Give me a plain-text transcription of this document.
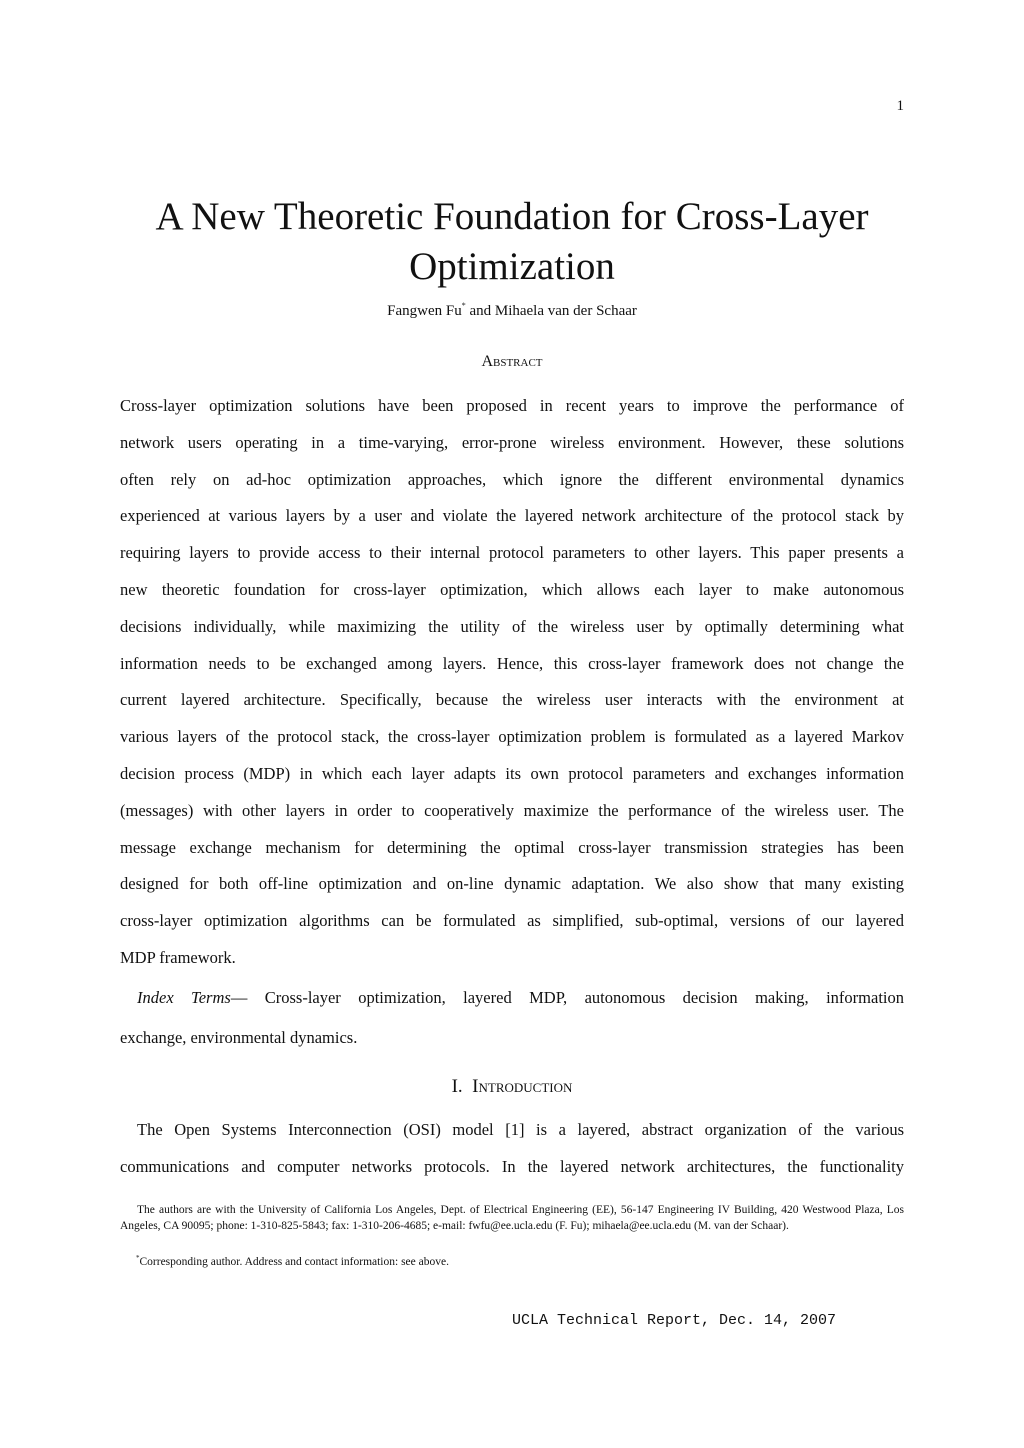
1
A New Theoretic Foundation for Cross-Layer Optimization
Fangwen Fu* and Mihaela van der Schaar
Abstract
Cross-layer optimization solutions have been proposed in recent years to improve the performance of
network users operating in a time-varying, error-prone wireless environment. However, these solutions
often rely on ad-hoc optimization approaches, which ignore the different environmental dynamics
experienced at various layers by a user and violate the layered network architecture of the protocol stack by
requiring layers to provide access to their internal protocol parameters to other layers. This paper presents a
new theoretic foundation for cross-layer optimization, which allows each layer to make autonomous
decisions individually, while maximizing the utility of the wireless user by optimally determining what
information needs to be exchanged among layers. Hence, this cross-layer framework does not change the
current layered architecture. Specifically, because the wireless user interacts with the environment at
various layers of the protocol stack, the cross-layer optimization problem is formulated as a layered Markov
decision process (MDP) in which each layer adapts its own protocol parameters and exchanges information
(messages) with other layers in order to cooperatively maximize the performance of the wireless user. The
message exchange mechanism for determining the optimal cross-layer transmission strategies has been
designed for both off-line optimization and on-line dynamic adaptation. We also show that many existing
cross-layer optimization algorithms can be formulated as simplified, sub-optimal, versions of our layered
MDP framework.
Index Terms— Cross-layer optimization, layered MDP, autonomous decision making, information
exchange, environmental dynamics.
I. Introduction
The Open Systems Interconnection (OSI) model [1] is a layered, abstract organization of the various
communications and computer networks protocols. In the layered network architectures, the functionality
The authors are with the University of California Los Angeles, Dept. of Electrical Engineering (EE), 56-147 Engineering IV Building, 420 Westwood Plaza, Los Angeles, CA 90095; phone: 1-310-825-5843; fax: 1-310-206-4685; e-mail: fwfu@ee.ucla.edu (F. Fu); mihaela@ee.ucla.edu (M. van der Schaar).
*Corresponding author. Address and contact information: see above.
UCLA Technical Report, Dec. 14, 2007
